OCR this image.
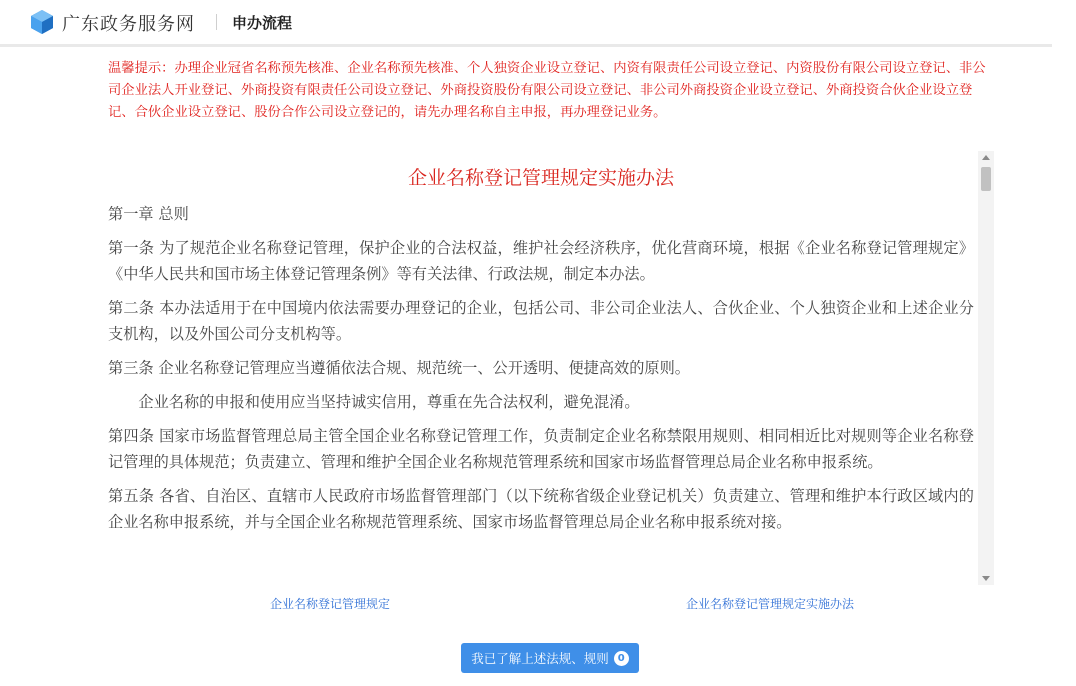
广东政务服务网 申办流程
温馨提示：办理企业冠省名称预先核准、企业名称预先核准、个人独资企业设立登记、内资有限责任公司设立登记、内资股份有限公司设立登记、非公司企业法人开业登记、外商投资有限责任公司设立登记、外商投资股份有限公司设立登记、非公司外商投资企业设立登记、外商投资合伙企业设立登记、合伙企业设立登记、股份合作公司设立登记的，请先办理名称自主申报，再办理登记业务。
企业名称登记管理规定实施办法

第一章 总则

第一条 为了规范企业名称登记管理，保护企业的合法权益，维护社会经济秩序，优化营商环境，根据《企业名称登记管理规定》《中华人民共和国市场主体登记管理条例》等有关法律、行政法规，制定本办法。

第二条 本办法适用于在中国境内依法需要办理登记的企业，包括公司、非公司企业法人、合伙企业、个人独资企业和上述企业分支机构，以及外国公司分支机构等。

第三条 企业名称登记管理应当遵循依法合规、规范统一、公开透明、便捷高效的原则。

企业名称的申报和使用应当坚持诚实信用，尊重在先合法权利，避免混淆。

第四条 国家市场监督管理总局主管全国企业名称登记管理工作，负责制定企业名称禁限用规则、相同相近比对规则等企业名称登记管理的具体规范；负责建立、管理和维护全国企业名称规范管理系统和国家市场监督管理总局企业名称申报系统。

第五条 各省、自治区、直辖市人民政府市场监督管理部门（以下统称省级企业登记机关）负责建立、管理和维护本行政区域内的企业名称申报系统，并与全国企业名称规范管理系统、国家市场监督管理总局企业名称申报系统对接。

企业名称登记管理规定	企业名称登记管理规定实施办法
我已了解上述法规、规则 0
